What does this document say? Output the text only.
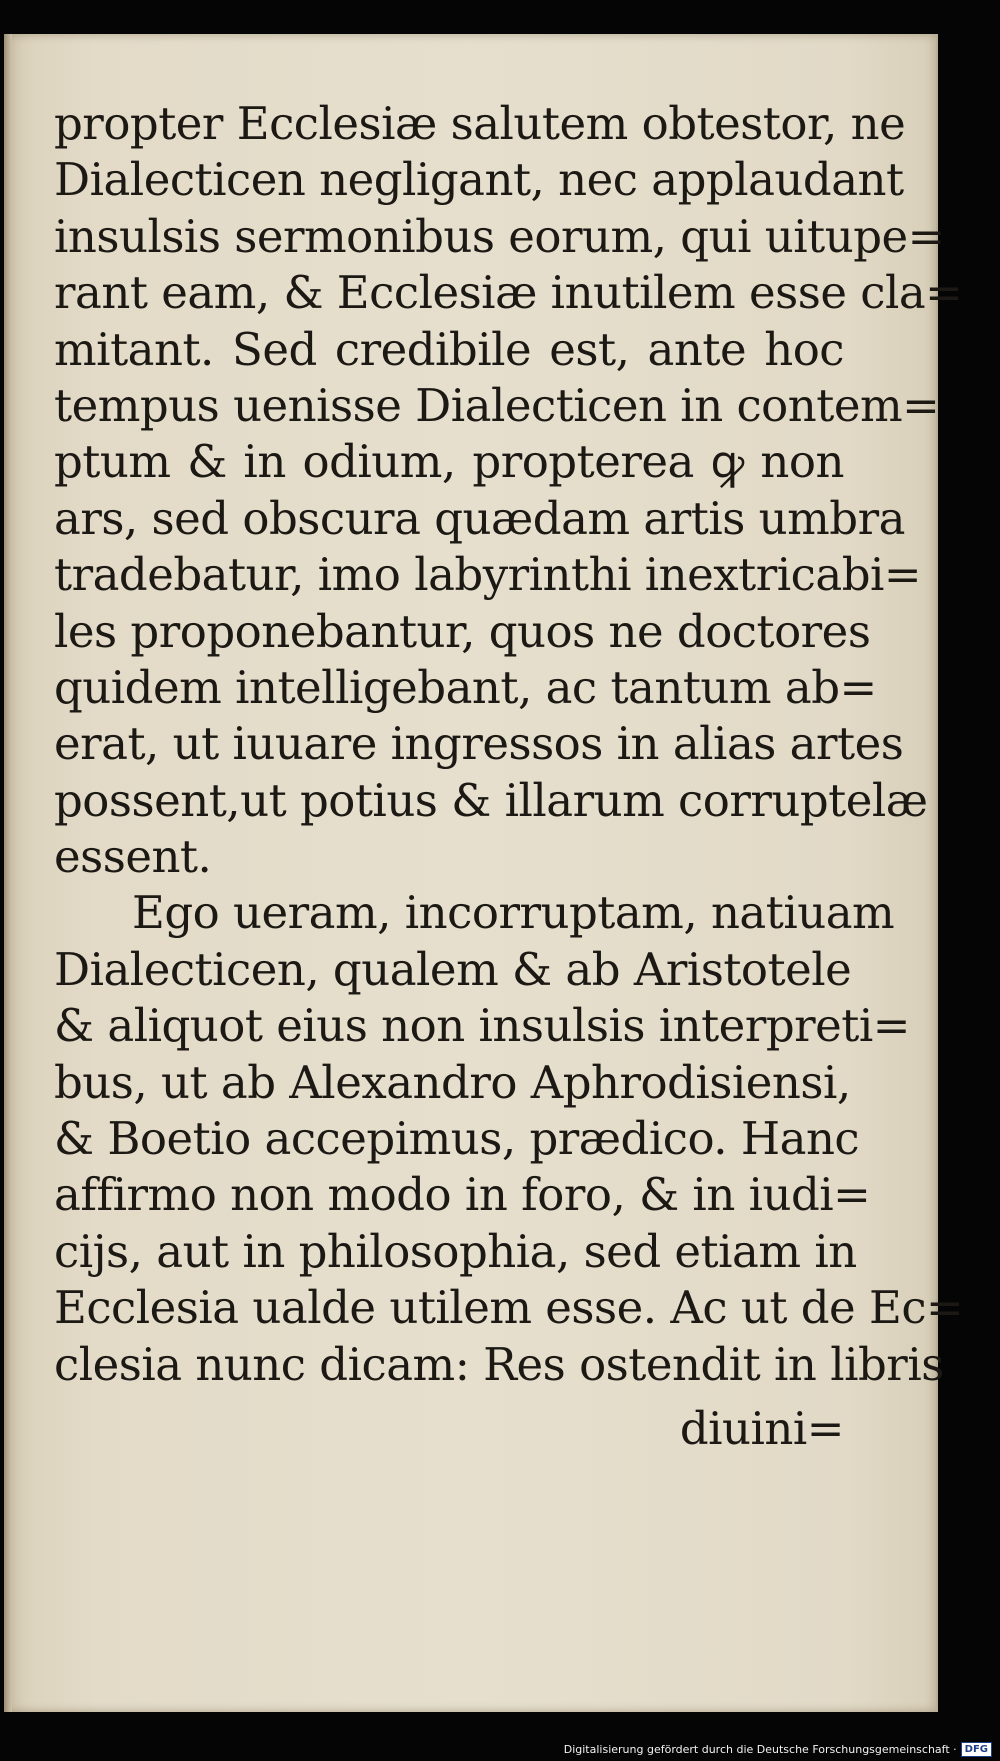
propter Ecclesiæ salutem obtestor, ne
Dialecticen negligant, nec applaudant
insulsis sermonibus eorum, qui uitupe=
rant eam, & Ecclesiæ inutilem esse cla=
mitant. Sed credibile est, ante hoc
tempus uenisse Dialecticen in contem=
ptum & in odium, propterea ꝙ non
ars, sed obscura quædam artis umbra
tradebatur, imo labyrinthi inextricabi=
les proponebantur, quos ne doctores
quidem intelligebant, ac tantum ab=
erat, ut iuuare ingressos in alias artes
possent,ut potius & illarum corruptelæ
essent.
Ego ueram, incorruptam, natiuam
Dialecticen, qualem & ab Aristotele
& aliquot eius non insulsis interpreti=
bus, ut ab Alexandro Aphrodisiensi,
& Boetio accepimus, prædico. Hanc
affirmo non modo in foro, & in iudi=
cijs, aut in philosophia, sed etiam in
Ecclesia ualde utilem esse. Ac ut de Ec=
clesia nunc dicam: Res ostendit in libris
diuini=
Digitalisierung gefördert durch die Deutsche Forschungsgemeinschaft · DFG
